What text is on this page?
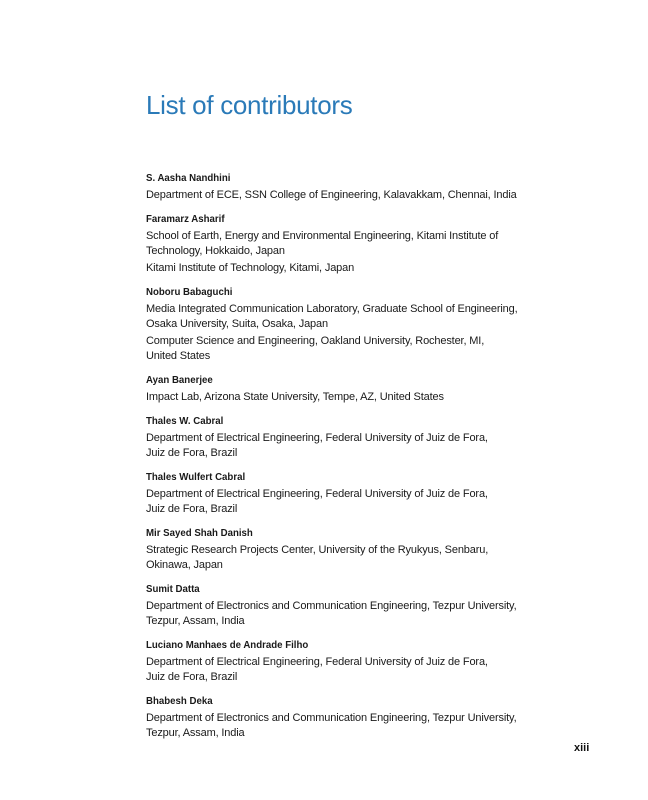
List of contributors
S. Aasha Nandhini
Department of ECE, SSN College of Engineering, Kalavakkam, Chennai, India
Faramarz Asharif
School of Earth, Energy and Environmental Engineering, Kitami Institute of
Technology, Hokkaido, Japan
Kitami Institute of Technology, Kitami, Japan
Noboru Babaguchi
Media Integrated Communication Laboratory, Graduate School of Engineering,
Osaka University, Suita, Osaka, Japan
Computer Science and Engineering, Oakland University, Rochester, MI,
United States
Ayan Banerjee
Impact Lab, Arizona State University, Tempe, AZ, United States
Thales W. Cabral
Department of Electrical Engineering, Federal University of Juiz de Fora,
Juiz de Fora, Brazil
Thales Wulfert Cabral
Department of Electrical Engineering, Federal University of Juiz de Fora,
Juiz de Fora, Brazil
Mir Sayed Shah Danish
Strategic Research Projects Center, University of the Ryukyus, Senbaru,
Okinawa, Japan
Sumit Datta
Department of Electronics and Communication Engineering, Tezpur University,
Tezpur, Assam, India
Luciano Manhaes de Andrade Filho
Department of Electrical Engineering, Federal University of Juiz de Fora,
Juiz de Fora, Brazil
Bhabesh Deka
Department of Electronics and Communication Engineering, Tezpur University,
Tezpur, Assam, India
xiii
